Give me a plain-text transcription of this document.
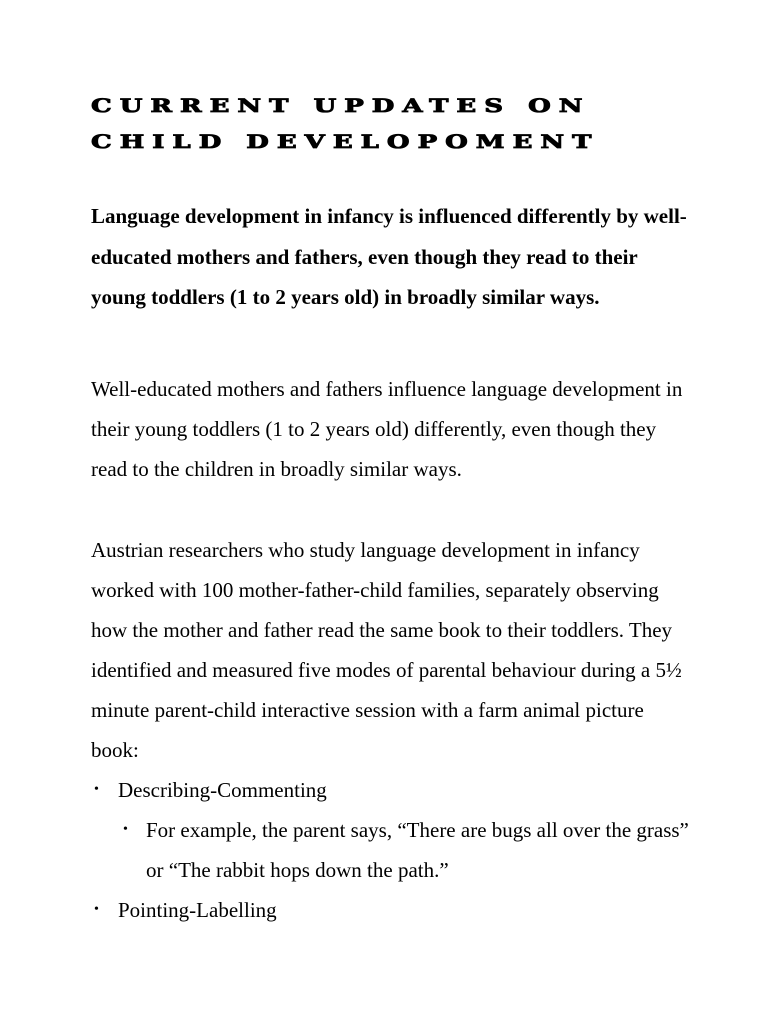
CURRENT UPDATES ON
CHILD DEVELOPOMENT

Language development in infancy is influenced differently by well-educated mothers and fathers, even though they read to their young toddlers (1 to 2 years old) in broadly similar ways.

Well-educated mothers and fathers influence language development in their young toddlers (1 to 2 years old) differently, even though they read to the children in broadly similar ways.

Austrian researchers who study language development in infancy worked with 100 mother-father-child families, separately observing how the mother and father read the same book to their toddlers. They identified and measured five modes of parental behaviour during a 5½ minute parent-child interactive session with a farm animal picture book:

• Describing-Commenting
• For example, the parent says, “There are bugs all over the grass” or “The rabbit hops down the path.”
• Pointing-Labelling
